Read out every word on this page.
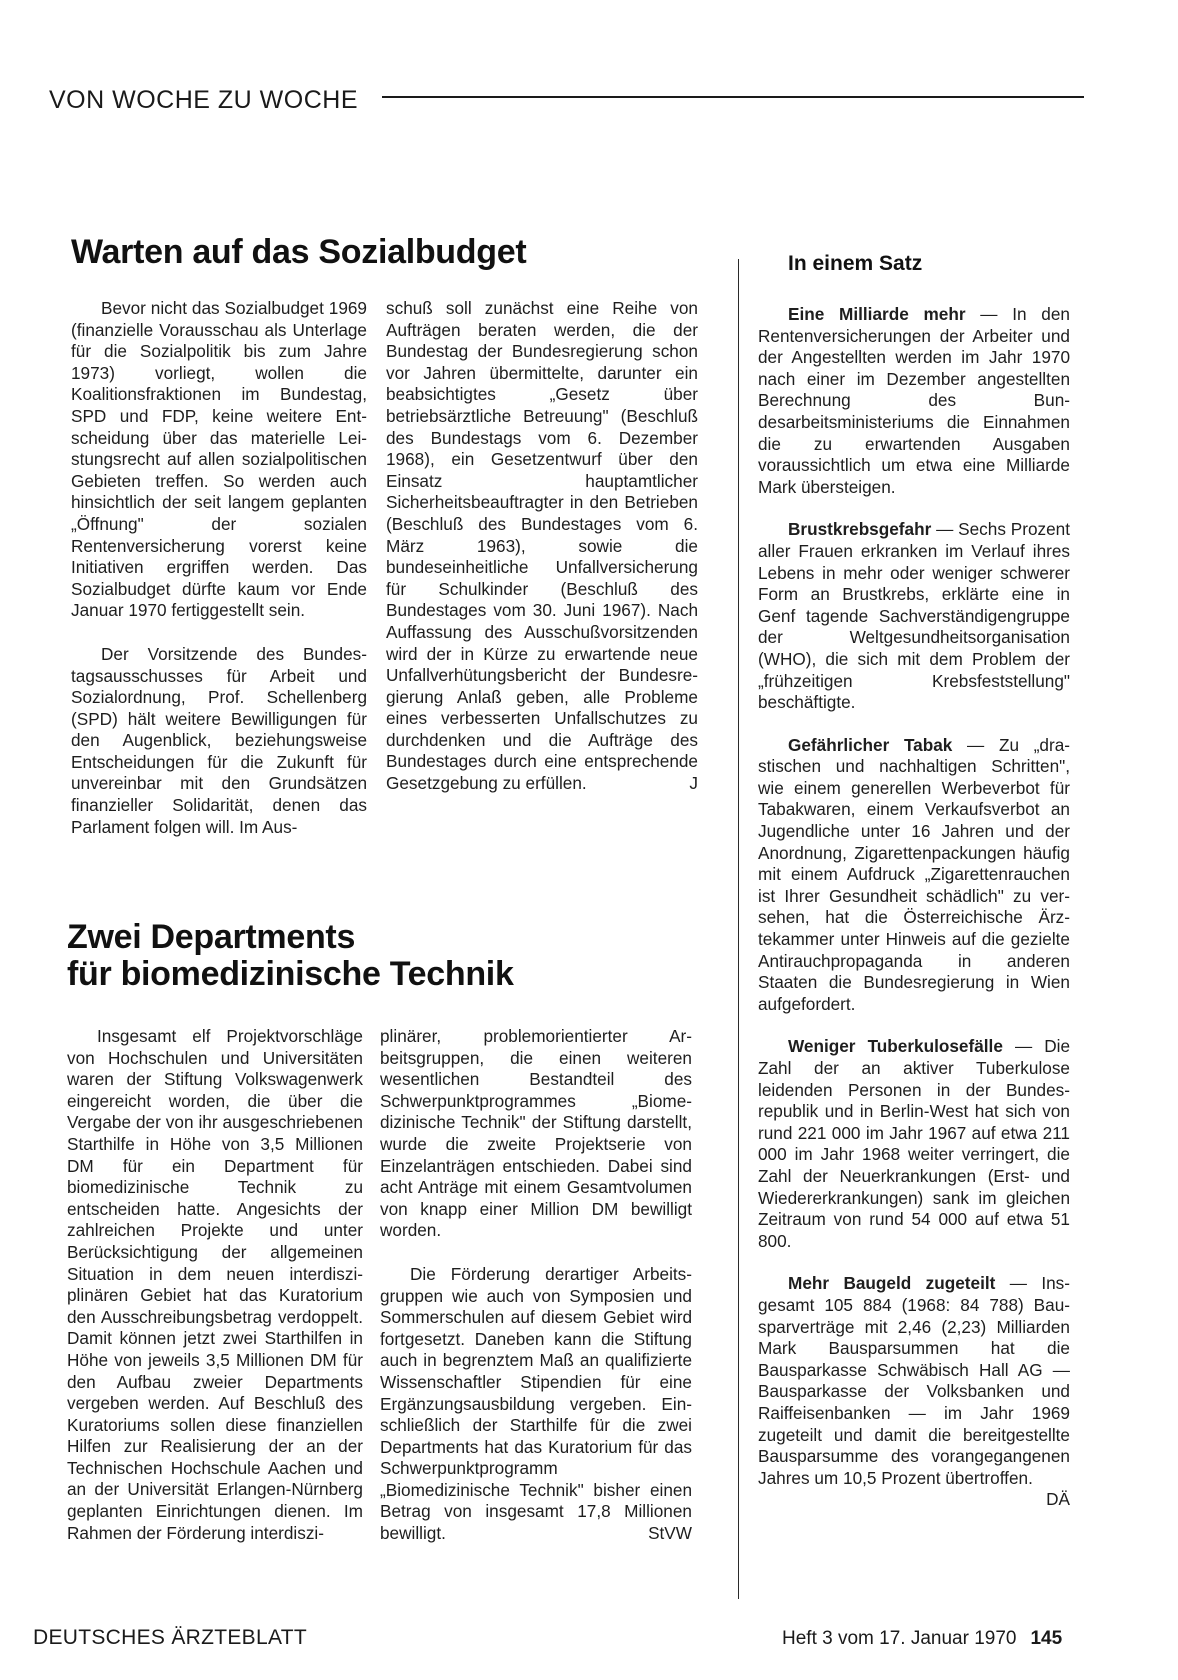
VON WOCHE ZU WOCHE
Warten auf das Sozialbudget

Bevor nicht das Sozialbudget 1969 (finanzielle Vorausschau als Unterlage für die Sozialpolitik bis zum Jahre 1973) vorliegt, wollen die Koalitionsfraktionen im Bundestag, SPD und FDP, keine weitere Entscheidung über das materielle Leistungsrecht auf allen sozialpolitischen Gebieten treffen. So werden auch hinsichtlich der seit langem geplanten „Öffnung" der sozialen Rentenversicherung vorerst keine Initiativen ergriffen werden. Das Sozialbudget dürfte kaum vor Ende Januar 1970 fertiggestellt sein.

Der Vorsitzende des Bundestagsausschusses für Arbeit und Sozialordnung, Prof. Schellenberg (SPD) hält weitere Bewilligungen für den Augenblick, beziehungsweise Entscheidungen für die Zukunft für unvereinbar mit den Grundsätzen finanzieller Solidarität, denen das Parlament folgen will. Im Aus-

schuß soll zunächst eine Reihe von Aufträgen beraten werden, die der Bundestag der Bundesregierung schon vor Jahren übermittelte, darunter ein beabsichtigtes „Gesetz über betriebsärztliche Betreuung" (Beschluß des Bundestags vom 6. Dezember 1968), ein Gesetzentwurf über den Einsatz hauptamtlicher Sicherheitsbeauftragter in den Betrieben (Beschluß des Bundestages vom 6. März 1963), sowie die bundeseinheitliche Unfallversicherung für Schulkinder (Beschluß des Bundestages vom 30. Juni 1967). Nach Auffassung des Ausschußvorsitzenden wird der in Kürze zu erwartende neue Unfallverhütungsbericht der Bundesregierung Anlaß geben, alle Probleme eines verbesserten Unfallschutzes zu durchdenken und die Aufträge des Bundestages durch eine entsprechende Gesetzgebung zu erfüllen.	J

Zwei Departments
für biomedizinische Technik

Insgesamt elf Projektvorschläge von Hochschulen und Universitäten waren der Stiftung Volkswagenwerk eingereicht worden, die über die Vergabe der von ihr ausgeschriebenen Starthilfe in Höhe von 3,5 Millionen DM für ein Department für biomedizinische Technik zu entscheiden hatte. Angesichts der zahlreichen Projekte und unter Berücksichtigung der allgemeinen Situation in dem neuen interdisziplinären Gebiet hat das Kuratorium den Ausschreibungsbetrag verdoppelt. Damit können jetzt zwei Starthilfen in Höhe von jeweils 3,5 Millionen DM für den Aufbau zweier Departments vergeben werden. Auf Beschluß des Kuratoriums sollen diese finanziellen Hilfen zur Realisierung der an der Technischen Hochschule Aachen und an der Universität Erlangen-Nürnberg geplanten Einrichtungen dienen. Im Rahmen der Förderung interdiszi-

plinärer, problemorientierter Arbeitsgruppen, die einen weiteren wesentlichen Bestandteil des Schwerpunktprogrammes „Biomedizinische Technik" der Stiftung darstellt, wurde die zweite Projektserie von Einzelanträgen entschieden. Dabei sind acht Anträge mit einem Gesamtvolumen von knapp einer Million DM bewilligt worden.

Die Förderung derartiger Arbeitsgruppen wie auch von Symposien und Sommerschulen auf diesem Gebiet wird fortgesetzt. Daneben kann die Stiftung auch in begrenztem Maß an qualifizierte Wissenschaftler Stipendien für eine Ergänzungsausbildung vergeben. Einschließlich der Starthilfe für die zwei Departments hat das Kuratorium für das Schwerpunktprogramm „Biomedizinische Technik" bisher einen Betrag von insgesamt 17,8 Millionen bewilligt.	StVW

In einem Satz

Eine Milliarde mehr — In den Rentenversicherungen der Arbeiter und der Angestellten werden im Jahr 1970 nach einer im Dezember angestellten Berechnung des Bundesarbeitsministeriums die Einnahmen die zu erwartenden Ausgaben voraussichtlich um etwa eine Milliarde Mark übersteigen.

Brustkrebsgefahr — Sechs Prozent aller Frauen erkranken im Verlauf ihres Lebens in mehr oder weniger schwerer Form an Brustkrebs, erklärte eine in Genf tagende Sachverständigengruppe der Weltgesundheitsorganisation (WHO), die sich mit dem Problem der „frühzeitigen Krebsfeststellung" beschäftigte.

Gefährlicher Tabak — Zu „drastischen und nachhaltigen Schritten", wie einem generellen Werbeverbot für Tabakwaren, einem Verkaufsverbot an Jugendliche unter 16 Jahren und der Anordnung, Zigarettenpackungen häufig mit einem Aufdruck „Zigarettenrauchen ist Ihrer Gesundheit schädlich" zu versehen, hat die Österreichische Ärztekammer unter Hinweis auf die gezielte Antirauchpropaganda in anderen Staaten die Bundesregierung in Wien aufgefordert.

Weniger Tuberkulosefälle — Die Zahl der an aktiver Tuberkulose leidenden Personen in der Bundesrepublik und in Berlin-West hat sich von rund 221 000 im Jahr 1967 auf etwa 211 000 im Jahr 1968 weiter verringert, die Zahl der Neuerkrankungen (Erst- und Wiedererkrankungen) sank im gleichen Zeitraum von rund 54 000 auf etwa 51 800.

Mehr Baugeld zugeteilt — Insgesamt 105 884 (1968: 84 788) Bausparverträge mit 2,46 (2,23) Milliarden Mark Bausparsummen hat die Bausparkasse Schwäbisch Hall AG — Bausparkasse der Volksbanken und Raiffeisenbanken — im Jahr 1969 zugeteilt und damit die bereitgestellte Bausparsumme des vorangegangenen Jahres um 10,5 Prozent übertroffen.
DÄ

DEUTSCHES ÄRZTEBLATT	Heft 3 vom 17. Januar 1970 145
